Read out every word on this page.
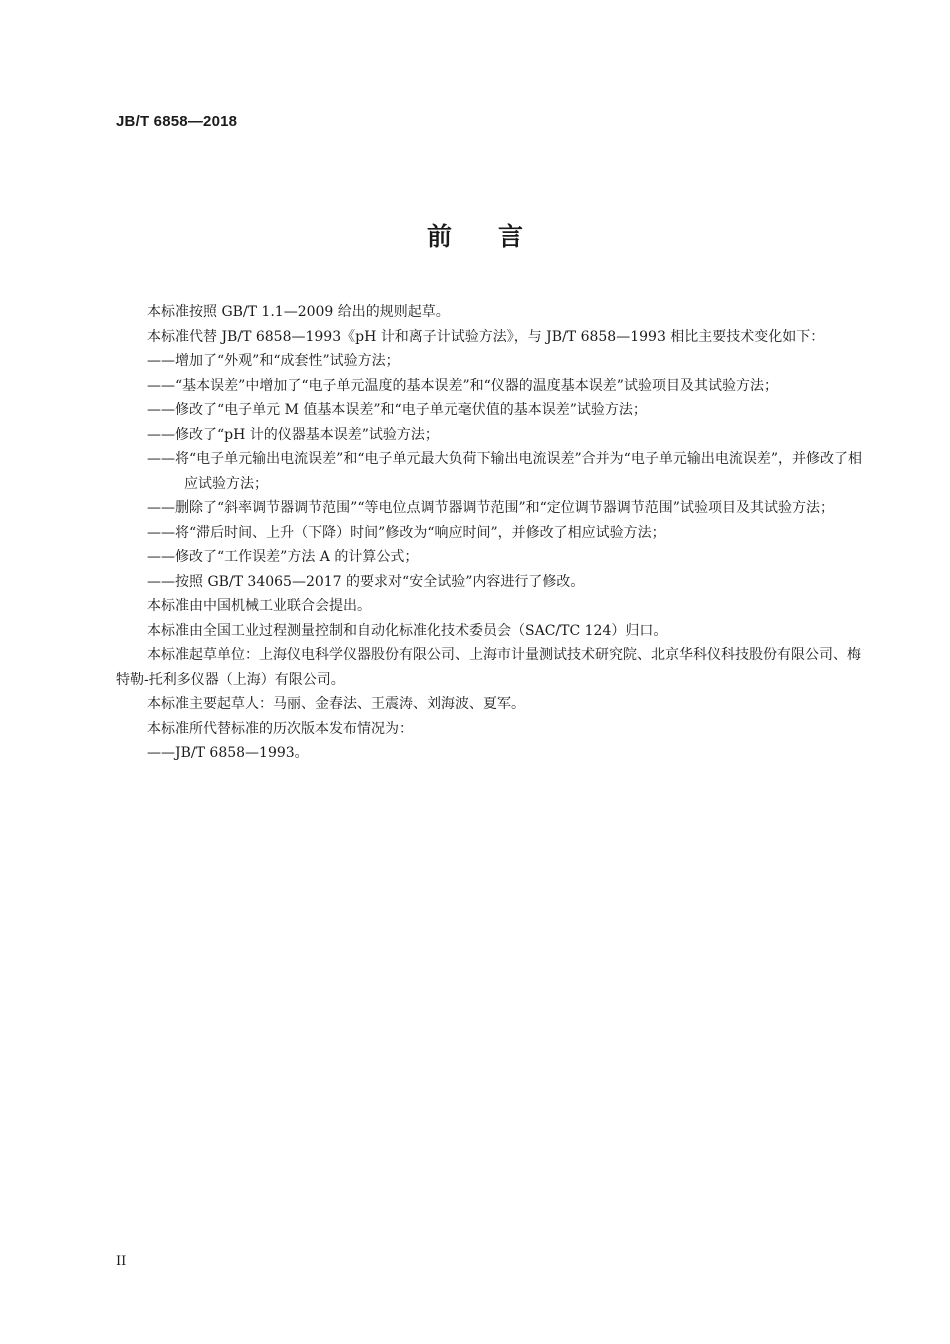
JB/T 6858—2018
前 言

本标准按照 GB/T 1.1—2009 给出的规则起草。

本标准代替 JB/T 6858—1993《pH 计和离子计试验方法》，与 JB/T 6858—1993 相比主要技术变化如下：

——增加了“外观”和“成套性”试验方法；

——“基本误差”中增加了“电子单元温度的基本误差”和“仪器的温度基本误差”试验项目及其试验方法；

——修改了“电子单元 M 值基本误差”和“电子单元毫伏值的基本误差”试验方法；

——修改了“pH 计的仪器基本误差”试验方法；

——将“电子单元输出电流误差”和“电子单元最大负荷下输出电流误差”合并为“电子单元输出电流误差”，并修改了相应试验方法；

——删除了“斜率调节器调节范围”“等电位点调节器调节范围”和“定位调节器调节范围”试验项目及其试验方法；

——将“滞后时间、上升（下降）时间”修改为“响应时间”，并修改了相应试验方法；

——修改了“工作误差”方法 A 的计算公式；

——按照 GB/T 34065—2017 的要求对“安全试验”内容进行了修改。

本标准由中国机械工业联合会提出。

本标准由全国工业过程测量控制和自动化标准化技术委员会（SAC/TC 124）归口。

本标准起草单位：上海仪电科学仪器股份有限公司、上海市计量测试技术研究院、北京华科仪科技股份有限公司、梅特勒-托利多仪器（上海）有限公司。

本标准主要起草人：马丽、金春法、王震涛、刘海波、夏军。

本标准所代替标准的历次版本发布情况为：

——JB/T 6858—1993。

II
